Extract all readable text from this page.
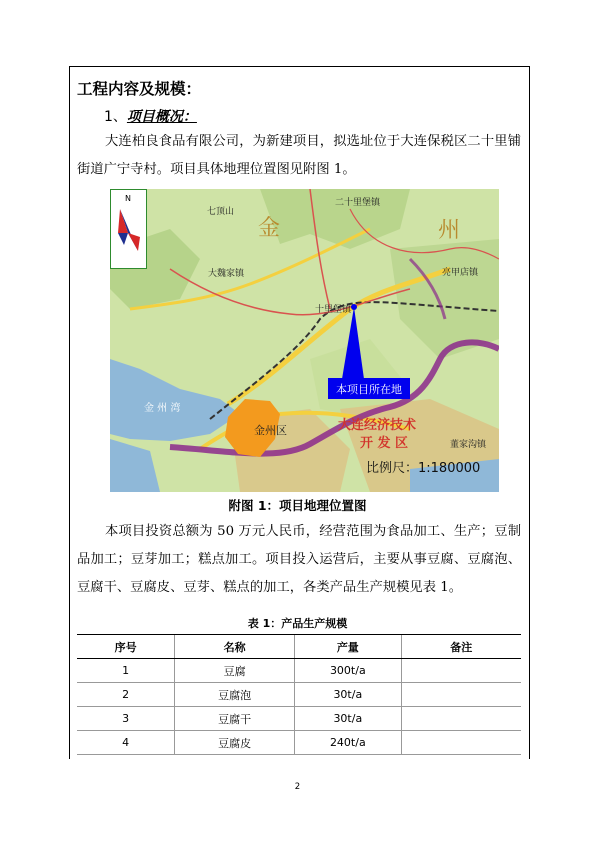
工程内容及规模：
1、项目概况：
大连柏良食品有限公司，为新建项目，拟选址位于大连保税区二十里铺街道广宁寺村。项目具体地理位置图见附图 1。
本项目所在地
金	州
七顶山
二十里堡镇
大魏家镇	亮甲店镇
十里堡镇
金 州 湾
金州区	大连经济技术
开 发 区	董家沟镇
比例尺：1:180000
N
附图 1：项目地理位置图
本项目投资总额为 50 万元人民币，经营范围为食品加工、生产；豆制品加工；豆芽加工；糕点加工。项目投入运营后，主要从事豆腐、豆腐泡、豆腐干、豆腐皮、豆芽、糕点的加工，各类产品生产规模见表 1。
表 1：产品生产规模
序号	名称	产量	备注
1	豆腐	300t/a	
2	豆腐泡	30t/a	
3	豆腐干	30t/a	
4	豆腐皮	240t/a	
2
